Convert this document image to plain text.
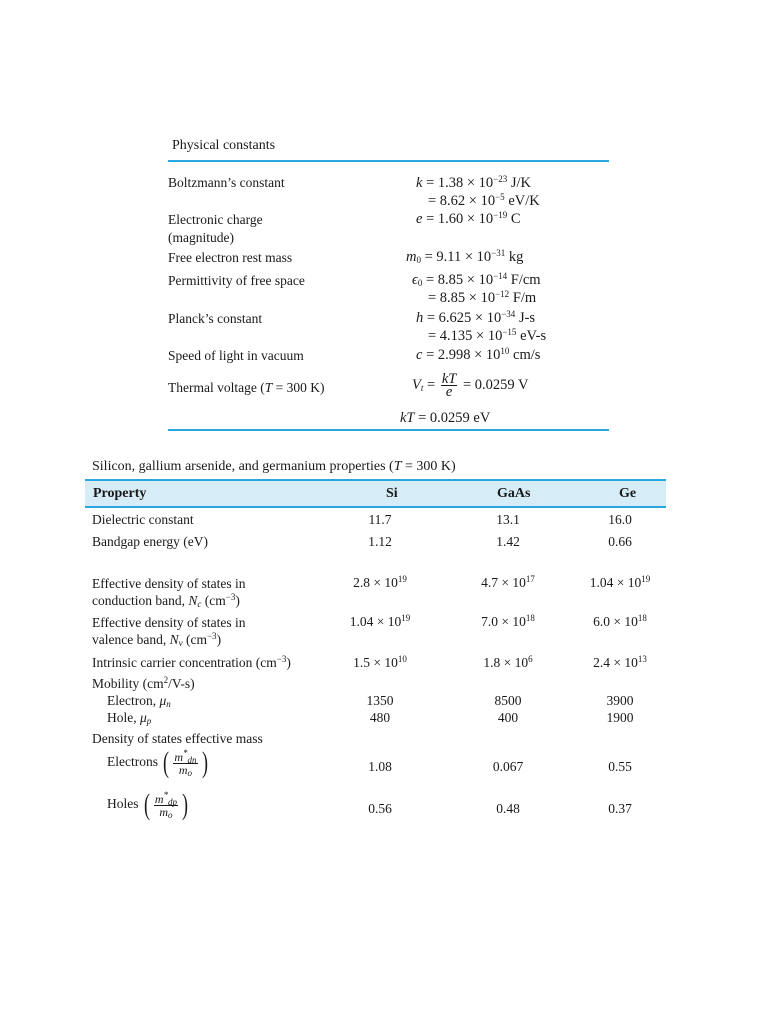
Physical constants
Boltzmann’s constant	$k = 1.38 \times 10^{-23}$ J/K
= $8.62 \times 10^{-5}$ eV/K
Electronic charge
(magnitude)
$e = 1.60 \times 10^{-19}$ C
Free electron rest mass	$m_0 = 9.11 \times 10^{-31}$ kg
Permittivity of free space	$\epsilon_0 = 8.85 \times 10^{-14}$ F/cm
= $8.85 \times 10^{-12}$ F/m
Planck’s constant	$h = 6.625 \times 10^{-34}$ J-s
= $4.135 \times 10^{-15}$ eV-s
Speed of light in vacuum	$c = 2.998 \times 10^{10}$ cm/s
Thermal voltage (T = 300 K)	$V_t = \frac{kT}{e} = 0.0259$ V
kT = 0.0259 eV
Silicon, gallium arsenide, and germanium properties (T = 300 K)
Property	Si	GaAs	Ge
Dielectric constant	11.7	13.1	16.0
Bandgap energy (eV)	1.12	1.42	0.66
Effective density of states in
conduction band, $N_c$ $(cm^{-3})$
$2.8 \times 10^{19}$	$4.7 \times 10^{17}$	$1.04 \times 10^{19}$
Effective density of states in
valence band, $N_v$ $(cm^{-3})$
$1.04 \times 10^{19}$	$7.0 \times 10^{18}$	$6.0 \times 10^{18}$
Intrinsic carrier concentration $(cm^{-3})$	$1.5 \times 10^{10}$	$1.8 \times 10^6$	$2.4 \times 10^{13}$
Mobility $(cm^2/V-s)$
Electron, $\mu_n$	1350	8500	3900
Hole, $\mu_p$	480	400	1900
Density of states effective mass
Electrons ( $\frac{m^*_{dn}}{m_o}$ )	1.08	0.067	0.55
Holes ( $\frac{m^*_{dp}}{m_o}$ )	0.56	0.48	0.37
